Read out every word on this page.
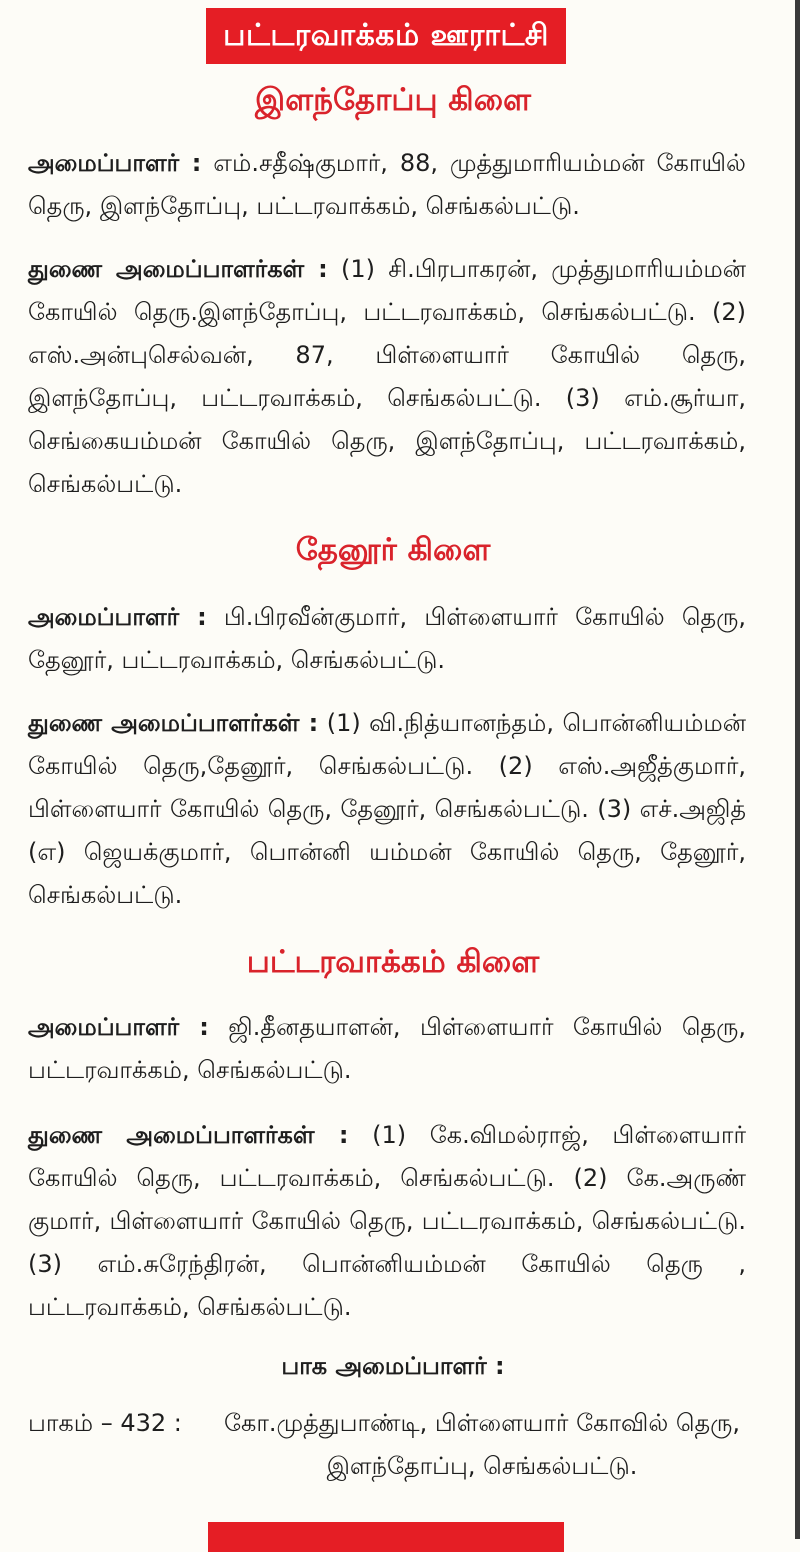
பட்டரவாக்கம் ஊராட்சி
இளந்தோப்பு கிளை
அமைப்பாளர் : எம்.சதீஷ்குமார், 88, முத்துமாரியம்மன் கோயில் தெரு, இளந்தோப்பு, பட்டரவாக்கம், செங்கல்பட்டு.
துணை அமைப்பாளர்கள் : (1) சி.பிரபாகரன், முத்துமாரியம்மன் கோயில் தெரு.இளந்தோப்பு, பட்டரவாக்கம், செங்கல்பட்டு. (2) எஸ்.அன்புசெல்வன், 87, பிள்ளையார் கோயில் தெரு, இளந்தோப்பு, பட்டரவாக்கம், செங்கல்பட்டு. (3) எம்.சூர்யா, செங்கையம்மன் கோயில் தெரு, இளந்தோப்பு, பட்டரவாக்கம், செங்கல்பட்டு.
தேனூர் கிளை
அமைப்பாளர் : பி.பிரவீன்குமார், பிள்ளையார் கோயில் தெரு, தேனூர், பட்டரவாக்கம், செங்கல்பட்டு.
துணை அமைப்பாளர்கள் : (1) வி.நித்யானந்தம், பொன்னியம்மன் கோயில் தெரு,தேனூர், செங்கல்பட்டு. (2) எஸ்.அஜீத்குமார், பிள்ளையார் கோயில் தெரு, தேனூர், செங்கல்பட்டு. (3) எச்.அஜித் (எ) ஜெயக்குமார், பொன்னி யம்மன் கோயில் தெரு, தேனூர், செங்கல்பட்டு.
பட்டரவாக்கம் கிளை
அமைப்பாளர் : ஜி.தீனதயாளன், பிள்ளையார் கோயில் தெரு, பட்டரவாக்கம், செங்கல்பட்டு.
துணை அமைப்பாளர்கள் : (1) கே.விமல்ராஜ், பிள்ளையார் கோயில் தெரு, பட்டரவாக்கம், செங்கல்பட்டு. (2) கே.அருண் குமார், பிள்ளையார் கோயில் தெரு, பட்டரவாக்கம், செங்கல்பட்டு. (3) எம்.சுரேந்திரன், பொன்னியம்மன் கோயில் தெரு , பட்டரவாக்கம், செங்கல்பட்டு.
பாக அமைப்பாளர் :
பாகம் – 432 : கோ.முத்துபாண்டி, பிள்ளையார் கோவில் தெரு, இளந்தோப்பு, செங்கல்பட்டு.
